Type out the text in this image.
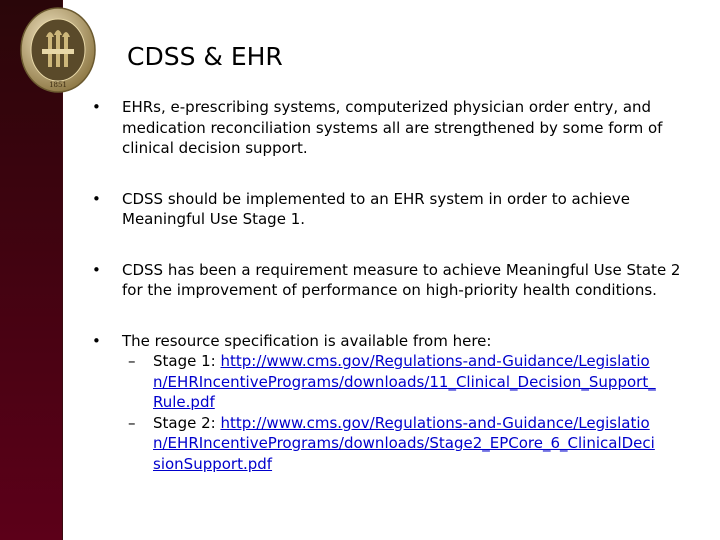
1851
CDSS & EHR
•	EHRs, e-prescribing systems, computerized physician order entry, and medication reconciliation systems all are strengthened by some form of clinical decision support.
•	CDSS should be implemented to an EHR system in order to achieve Meaningful Use Stage 1.
•	CDSS has been a requirement measure to achieve Meaningful Use State 2 for the improvement of performance on high-priority health conditions.
•	The resource specification is available from here:
–	Stage 1: http://www.cms.gov/Regulations-and-Guidance/Legislation/EHRIncentivePrograms/downloads/11_Clinical_Decision_Support_Rule.pdf
–	Stage 2: http://www.cms.gov/Regulations-and-Guidance/Legislation/EHRIncentivePrograms/downloads/Stage2_EPCore_6_ClinicalDecisionSupport.pdf
